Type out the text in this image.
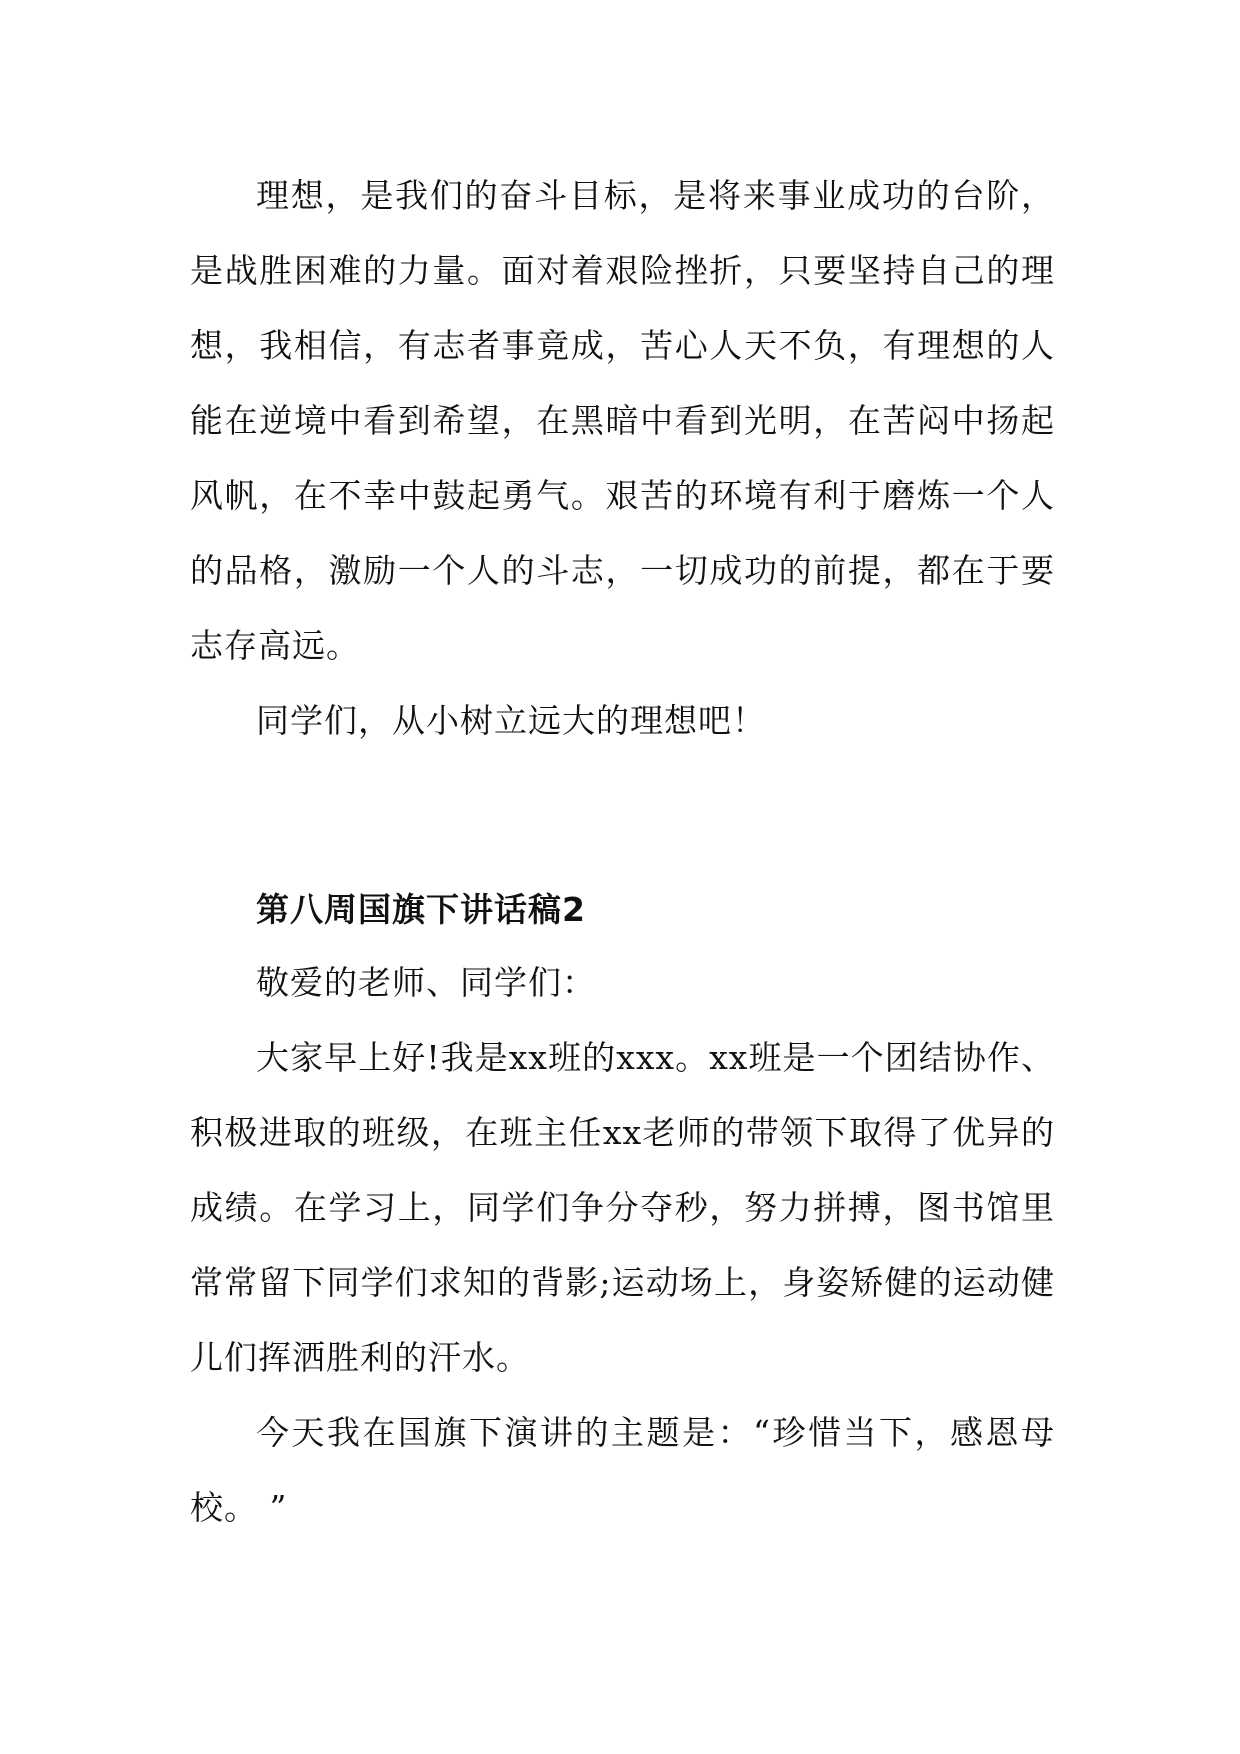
理想，是我们的奋斗目标，是将来事业成功的台阶，是战胜困难的力量。面对着艰险挫折，只要坚持自己的理想，我相信，有志者事竟成，苦心人天不负，有理想的人能在逆境中看到希望，在黑暗中看到光明，在苦闷中扬起风帆，在不幸中鼓起勇气。艰苦的环境有利于磨炼一个人的品格，激励一个人的斗志，一切成功的前提，都在于要志存高远。

同学们，从小树立远大的理想吧！

第八周国旗下讲话稿2

敬爱的老师、同学们：

大家早上好!我是xx班的xxx。xx班是一个团结协作、积极进取的班级，在班主任xx老师的带领下取得了优异的成绩。在学习上，同学们争分夺秒，努力拼搏，图书馆里常常留下同学们求知的背影;运动场上，身姿矫健的运动健儿们挥洒胜利的汗水。

今天我在国旗下演讲的主题是：“珍惜当下，感恩母校。 ”
